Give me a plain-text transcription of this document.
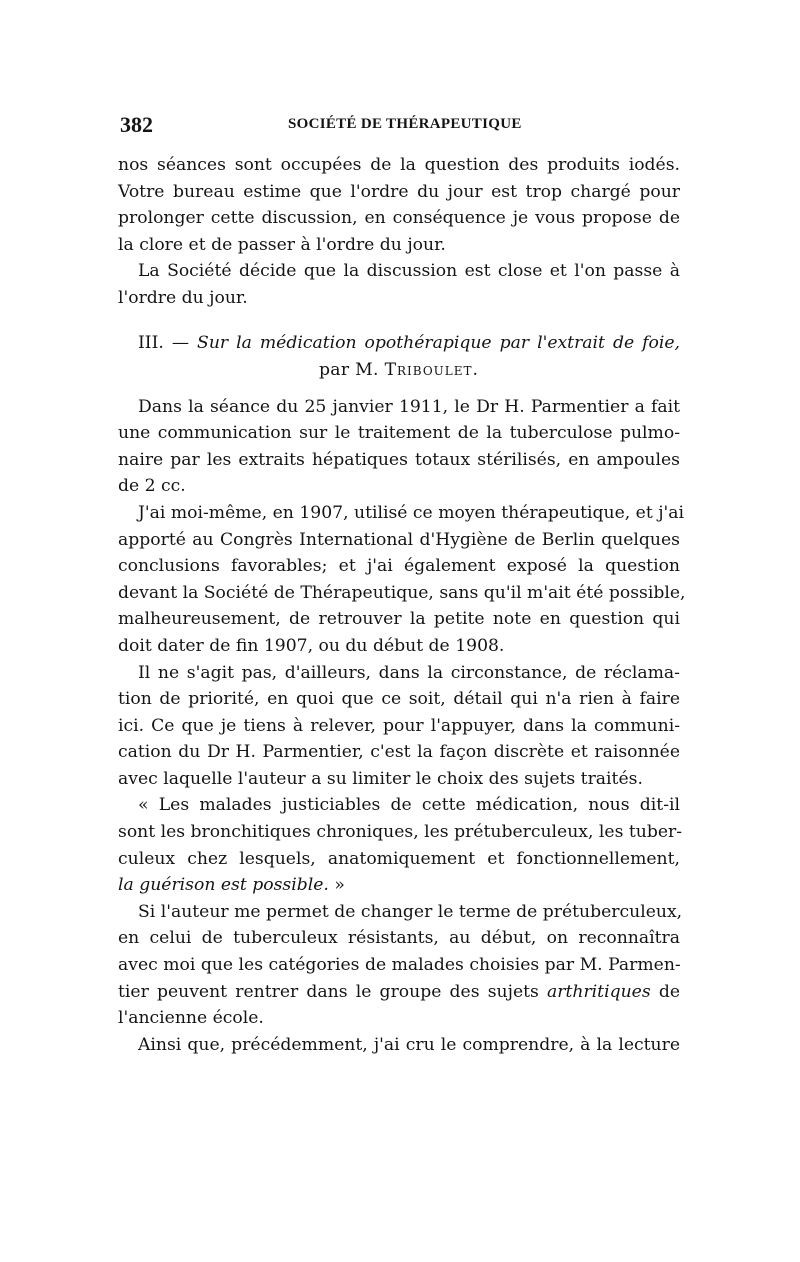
382	SOCIÉTÉ DE THÉRAPEUTIQUE
nos séances sont occupées de la question des produits iodés.
Votre bureau estime que l'ordre du jour est trop chargé pour
prolonger cette discussion, en conséquence je vous propose de
la clore et de passer à l'ordre du jour.
La Société décide que la discussion est close et l'on passe à
l'ordre du jour.
III. — Sur la médication opothérapique par l'extrait de foie,
par M. Triboulet.
Dans la séance du 25 janvier 1911, le Dr H. Parmentier a fait
une communication sur le traitement de la tuberculose pulmo-
naire par les extraits hépatiques totaux stérilisés, en ampoules
de 2 cc.
J'ai moi-même, en 1907, utilisé ce moyen thérapeutique, et j'ai
apporté au Congrès International d'Hygiène de Berlin quelques
conclusions favorables; et j'ai également exposé la question
devant la Société de Thérapeutique, sans qu'il m'ait été possible,
malheureusement, de retrouver la petite note en question qui
doit dater de fin 1907, ou du début de 1908.
Il ne s'agit pas, d'ailleurs, dans la circonstance, de réclama-
tion de priorité, en quoi que ce soit, détail qui n'a rien à faire
ici. Ce que je tiens à relever, pour l'appuyer, dans la communi-
cation du Dr H. Parmentier, c'est la façon discrète et raisonnée
avec laquelle l'auteur a su limiter le choix des sujets traités.
« Les malades justiciables de cette médication, nous dit-il
sont les bronchitiques chroniques, les prétuberculeux, les tuber-
culeux chez lesquels, anatomiquement et fonctionnellement,
la guérison est possible. »
Si l'auteur me permet de changer le terme de prétuberculeux,
en celui de tuberculeux résistants, au début, on reconnaîtra
avec moi que les catégories de malades choisies par M. Parmen-
tier peuvent rentrer dans le groupe des sujets arthritiques de
l'ancienne école.
Ainsi que, précédemment, j'ai cru le comprendre, à la lecture
